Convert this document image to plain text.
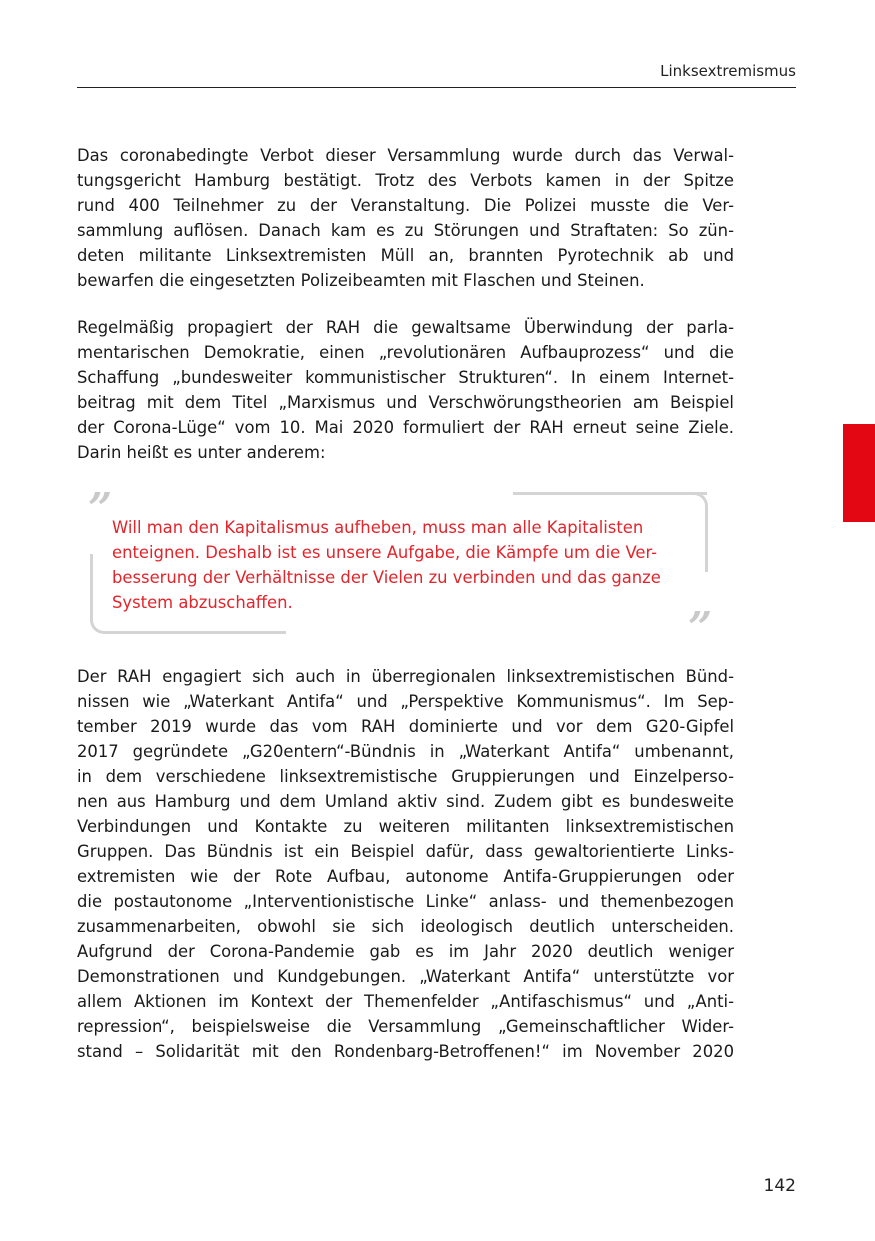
Linksextremismus

Das coronabedingte Verbot dieser Versammlung wurde durch das Verwal-
tungsgericht Hamburg bestätigt. Trotz des Verbots kamen in der Spitze
rund 400 Teilnehmer zu der Veranstaltung. Die Polizei musste die Ver-
sammlung auflösen. Danach kam es zu Störungen und Straftaten: So zün-
deten militante Linksextremisten Müll an, brannten Pyrotechnik ab und
bewarfen die eingesetzten Polizeibeamten mit Flaschen und Steinen.

Regelmäßig propagiert der RAH die gewaltsame Überwindung der parla-
mentarischen Demokratie, einen „revolutionären Aufbauprozess“ und die
Schaffung „bundesweiter kommunistischer Strukturen“. In einem Internet-
beitrag mit dem Titel „Marxismus und Verschwörungstheorien am Beispiel
der Corona-Lüge“ vom 10. Mai 2020 formuliert der RAH erneut seine Ziele.
Darin heißt es unter anderem:

”
”

Will man den Kapitalismus aufheben, muss man alle Kapitalisten
enteignen. Deshalb ist es unsere Aufgabe, die Kämpfe um die Ver-
besserung der Verhältnisse der Vielen zu verbinden und das ganze
System abzuschaffen.

Der RAH engagiert sich auch in überregionalen linksextremistischen Bünd-
nissen wie „Waterkant Antifa“ und „Perspektive Kommunismus“. Im Sep-
tember 2019 wurde das vom RAH dominierte und vor dem G20-Gipfel
2017 gegründete „G20entern“-Bündnis in „Waterkant Antifa“ umbenannt,
in dem verschiedene linksextremistische Gruppierungen und Einzelperso-
nen aus Hamburg und dem Umland aktiv sind. Zudem gibt es bundesweite
Verbindungen und Kontakte zu weiteren militanten linksextremistischen
Gruppen. Das Bündnis ist ein Beispiel dafür, dass gewaltorientierte Links-
extremisten wie der Rote Aufbau, autonome Antifa-Gruppierungen oder
die postautonome „Interventionistische Linke“ anlass- und themenbezogen
zusammenarbeiten, obwohl sie sich ideologisch deutlich unterscheiden.
Aufgrund der Corona-Pandemie gab es im Jahr 2020 deutlich weniger
Demonstrationen und Kundgebungen. „Waterkant Antifa“ unterstützte vor
allem Aktionen im Kontext der Themenfelder „Antifaschismus“ und „Anti-
repression“, beispielsweise die Versammlung „Gemeinschaftlicher Wider-
stand – Solidarität mit den Rondenbarg-Betroffenen!“ im November 2020

142
